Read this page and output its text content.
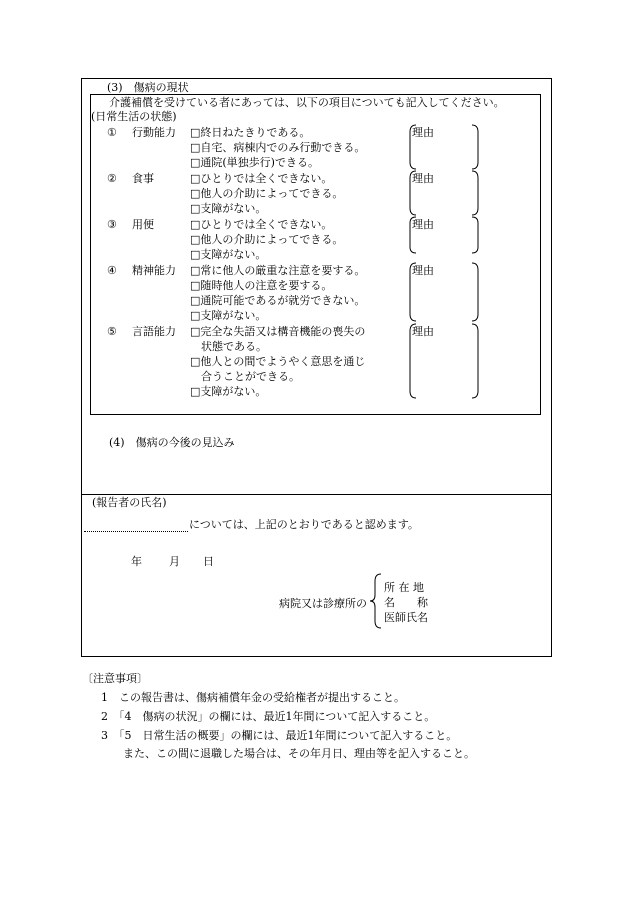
(3)　傷病の現状
介護補償を受けている者にあっては、以下の項目についても記入してください。
(日常生活の状態)
① 行動能力 □終日ねたきりである。
□自宅、病棟内でのみ行動できる。
□通院(単独歩行)できる。
理由
② 食事	□ひとりでは全くできない。
□他人の介助によってできる。
□支障がない。
理由
③ 用便	□ひとりでは全くできない。
□他人の介助によってできる。
□支障がない。
理由
④ 精神能力 □常に他人の厳重な注意を要する。
□随時他人の注意を要する。
□通院可能であるが就労できない。
□支障がない。
理由
⑤ 言語能力 □完全な失語又は構音機能の喪失の
　状態である。
□他人との間でようやく意思を通じ
　合うことができる。
□支障がない。
理由
(4)　傷病の今後の見込み
(報告者の氏名)
については、上記のとおりであると認めます。
年 月 日
病院又は診療所の
所 在 地
名　　称
医師氏名
〔注意事項〕
1　この報告書は、傷病補償年金の受給権者が提出すること。
2　「4　傷病の状況」の欄には、最近1年間について記入すること。
3　「5　日常生活の概要」の欄には、最近1年間について記入すること。
　　また、この間に退職した場合は、その年月日、理由等を記入すること。
